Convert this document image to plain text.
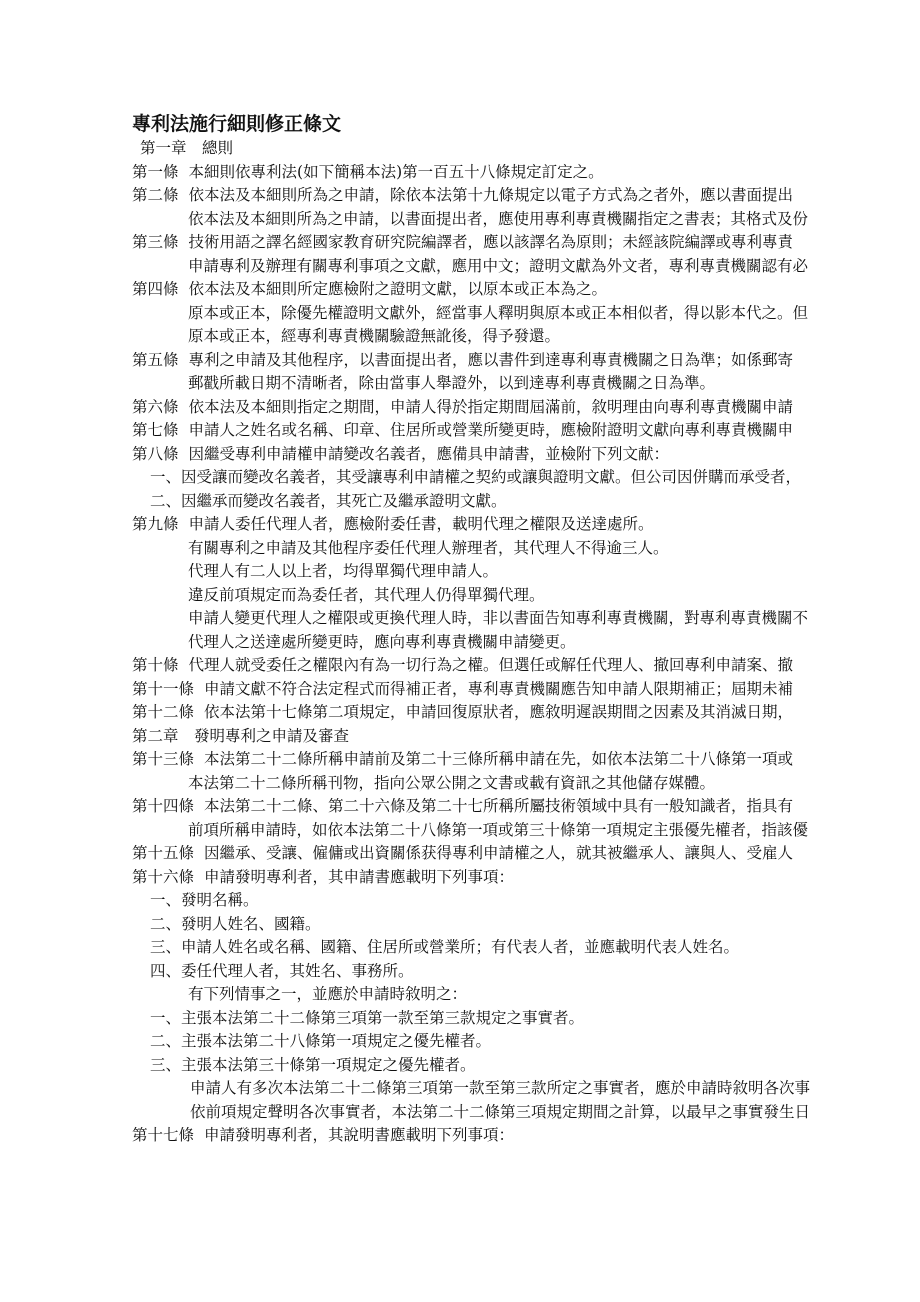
專利法施行細則修正條文
第一章　總則
第一條 本細則依專利法(如下簡稱本法)第一百五十八條規定訂定之。
第二條 依本法及本細則所為之申請，除依本法第十九條規定以電子方式為之者外，應以書面提出
依本法及本細則所為之申請，以書面提出者，應使用專利專責機關指定之書表；其格式及份
第三條 技術用語之譯名經國家教育研究院編譯者，應以該譯名為原則；未經該院編譯或專利專責
申請專利及辦理有關專利事項之文獻，應用中文；證明文獻為外文者，專利專責機關認有必
第四條 依本法及本細則所定應檢附之證明文獻，以原本或正本為之。
原本或正本，除優先權證明文獻外，經當事人釋明與原本或正本相似者，得以影本代之。但
原本或正本，經專利專責機關驗證無訛後，得予發還。
第五條 專利之申請及其他程序，以書面提出者，應以書件到達專利專責機關之日為準；如係郵寄
郵戳所載日期不清晰者，除由當事人舉證外，以到達專利專責機關之日為準。
第六條 依本法及本細則指定之期間，申請人得於指定期間屆滿前，敘明理由向專利專責機關申請
第七條 申請人之姓名或名稱、印章、住居所或營業所變更時，應檢附證明文獻向專利專責機關申
第八條 因繼受專利申請權申請變改名義者，應備具申請書，並檢附下列文献：
一、因受讓而變改名義者，其受讓專利申請權之契約或讓與證明文獻。但公司因併購而承受者，
二、因繼承而變改名義者，其死亡及繼承證明文獻。
第九條 申請人委任代理人者，應檢附委任書，載明代理之權限及送達處所。
有關專利之申請及其他程序委任代理人辦理者，其代理人不得逾三人。
代理人有二人以上者，均得單獨代理申請人。
違反前項規定而為委任者，其代理人仍得單獨代理。
申請人變更代理人之權限或更換代理人時，非以書面告知專利專責機關，對專利專責機關不
代理人之送達處所變更時，應向專利專責機關申請變更。
第十條 代理人就受委任之權限內有為一切行為之權。但選任或解任代理人、撤回專利申請案、撤
第十一條 申請文獻不符合法定程式而得補正者，專利專責機關應告知申請人限期補正；屆期未補
第十二條 依本法第十七條第二項規定，申請回復原狀者，應敘明遲誤期間之因素及其消滅日期，
第二章　發明專利之申請及審查
第十三條 本法第二十二條所稱申請前及第二十三條所稱申請在先，如依本法第二十八條第一項或
本法第二十二條所稱刊物，指向公眾公開之文書或載有資訊之其他儲存媒體。
第十四條 本法第二十二條、第二十六條及第二十七所稱所屬技術領域中具有一般知識者，指具有
前項所稱申請時，如依本法第二十八條第一項或第三十條第一項規定主張優先權者，指該優
第十五條 因繼承、受讓、僱傭或出資關係获得專利申請權之人，就其被繼承人、讓與人、受雇人
第十六條 申請發明專利者，其申請書應載明下列事項：
一、發明名稱。
二、發明人姓名、國籍。
三、申請人姓名或名稱、國籍、住居所或營業所；有代表人者，並應載明代表人姓名。
四、委任代理人者，其姓名、事務所。
有下列情事之一，並應於申請時敘明之：
一、主張本法第二十二條第三項第一款至第三款規定之事實者。
二、主張本法第二十八條第一項規定之優先權者。
三、主張本法第三十條第一項規定之優先權者。
申請人有多次本法第二十二條第三項第一款至第三款所定之事實者，應於申請時敘明各次事
依前項規定聲明各次事實者，本法第二十二條第三項規定期間之計算，以最早之事實發生日
第十七條 申請發明專利者，其說明書應載明下列事項：
